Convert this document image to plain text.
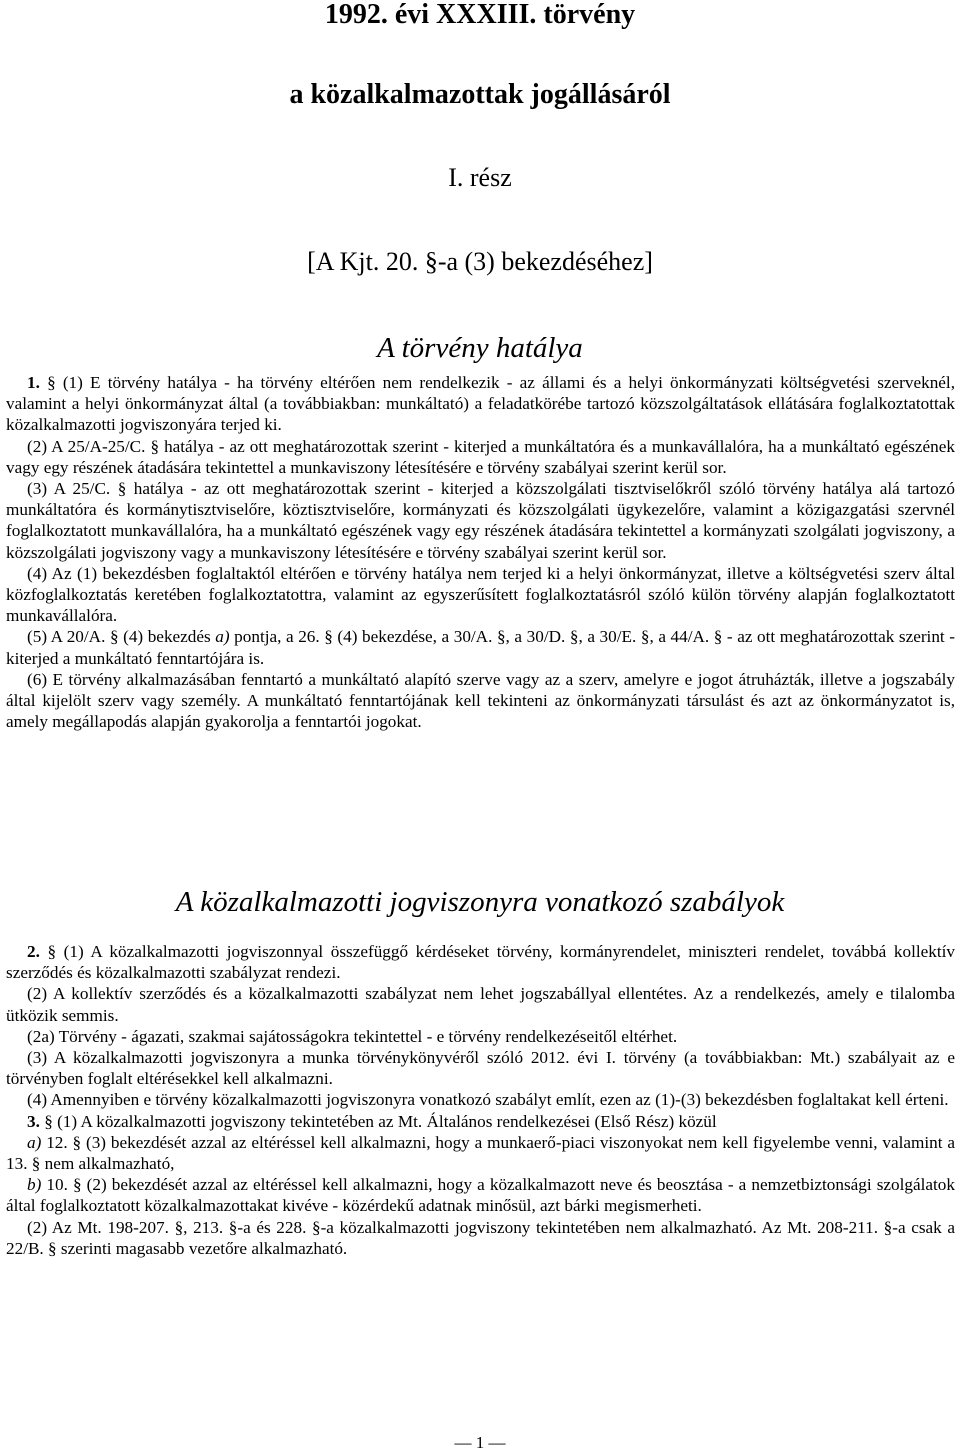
1992. évi XXXIII. törvény
a közalkalmazottak jogállásáról
I. rész
[A Kjt. 20. §-a (3) bekezdéséhez]
A törvény hatálya

1. § (1) E törvény hatálya - ha törvény eltérően nem rendelkezik - az állami és a helyi önkormányzati költségvetési szerveknél, valamint a helyi önkormányzat által (a továbbiakban: munkáltató) a feladatkörébe tartozó közszolgáltatások ellátására foglalkoztatottak közalkalmazotti jogviszonyára terjed ki.

(2) A 25/A-25/C. § hatálya - az ott meghatározottak szerint - kiterjed a munkáltatóra és a munkavállalóra, ha a munkáltató egészének vagy egy részének átadására tekintettel a munkaviszony létesítésére e törvény szabályai szerint kerül sor.

(3) A 25/C. § hatálya - az ott meghatározottak szerint - kiterjed a közszolgálati tisztviselőkről szóló törvény hatálya alá tartozó munkáltatóra és kormánytisztviselőre, köztisztviselőre, kormányzati és közszolgálati ügykezelőre, valamint a közigazgatási szervnél foglalkoztatott munkavállalóra, ha a munkáltató egészének vagy egy részének átadására tekintettel a kormányzati szolgálati jogviszony, a közszolgálati jogviszony vagy a munkaviszony létesítésére e törvény szabályai szerint kerül sor.

(4) Az (1) bekezdésben foglaltaktól eltérően e törvény hatálya nem terjed ki a helyi önkormányzat, illetve a költségvetési szerv által közfoglalkoztatás keretében foglalkoztatottra, valamint az egyszerűsített foglalkoztatásról szóló külön törvény alapján foglalkoztatott munkavállalóra.

(5) A 20/A. § (4) bekezdés a) pontja, a 26. § (4) bekezdése, a 30/A. §, a 30/D. §, a 30/E. §, a 44/A. § - az ott meghatározottak szerint - kiterjed a munkáltató fenntartójára is.

(6) E törvény alkalmazásában fenntartó a munkáltató alapító szerve vagy az a szerv, amelyre e jogot átruházták, illetve a jogszabály által kijelölt szerv vagy személy. A munkáltató fenntartójának kell tekinteni az önkormányzati társulást és azt az önkormányzatot is, amely megállapodás alapján gyakorolja a fenntartói jogokat.

A közalkalmazotti jogviszonyra vonatkozó szabályok

2. § (1) A közalkalmazotti jogviszonnyal összefüggő kérdéseket törvény, kormányrendelet, miniszteri rendelet, továbbá kollektív szerződés és közalkalmazotti szabályzat rendezi.

(2) A kollektív szerződés és a közalkalmazotti szabályzat nem lehet jogszabállyal ellentétes. Az a rendelkezés, amely e tilalomba ütközik semmis.

(2a) Törvény - ágazati, szakmai sajátosságokra tekintettel - e törvény rendelkezéseitől eltérhet.

(3) A közalkalmazotti jogviszonyra a munka törvénykönyvéről szóló 2012. évi I. törvény (a továbbiakban: Mt.) szabályait az e törvényben foglalt eltérésekkel kell alkalmazni.

(4) Amennyiben e törvény közalkalmazotti jogviszonyra vonatkozó szabályt említ, ezen az (1)-(3) bekezdésben foglaltakat kell érteni.

3. § (1) A közalkalmazotti jogviszony tekintetében az Mt. Általános rendelkezései (Első Rész) közül

a) 12. § (3) bekezdését azzal az eltéréssel kell alkalmazni, hogy a munkaerő-piaci viszonyokat nem kell figyelembe venni, valamint a 13. § nem alkalmazható,

b) 10. § (2) bekezdését azzal az eltéréssel kell alkalmazni, hogy a közalkalmazott neve és beosztása - a nemzetbiztonsági szolgálatok által foglalkoztatott közalkalmazottakat kivéve - közérdekű adatnak minősül, azt bárki megismerheti.

(2) Az Mt. 198-207. §, 213. §-a és 228. §-a közalkalmazotti jogviszony tekintetében nem alkalmazható. Az Mt. 208-211. §-a csak a 22/B. § szerinti magasabb vezetőre alkalmazható.

— 1 —
